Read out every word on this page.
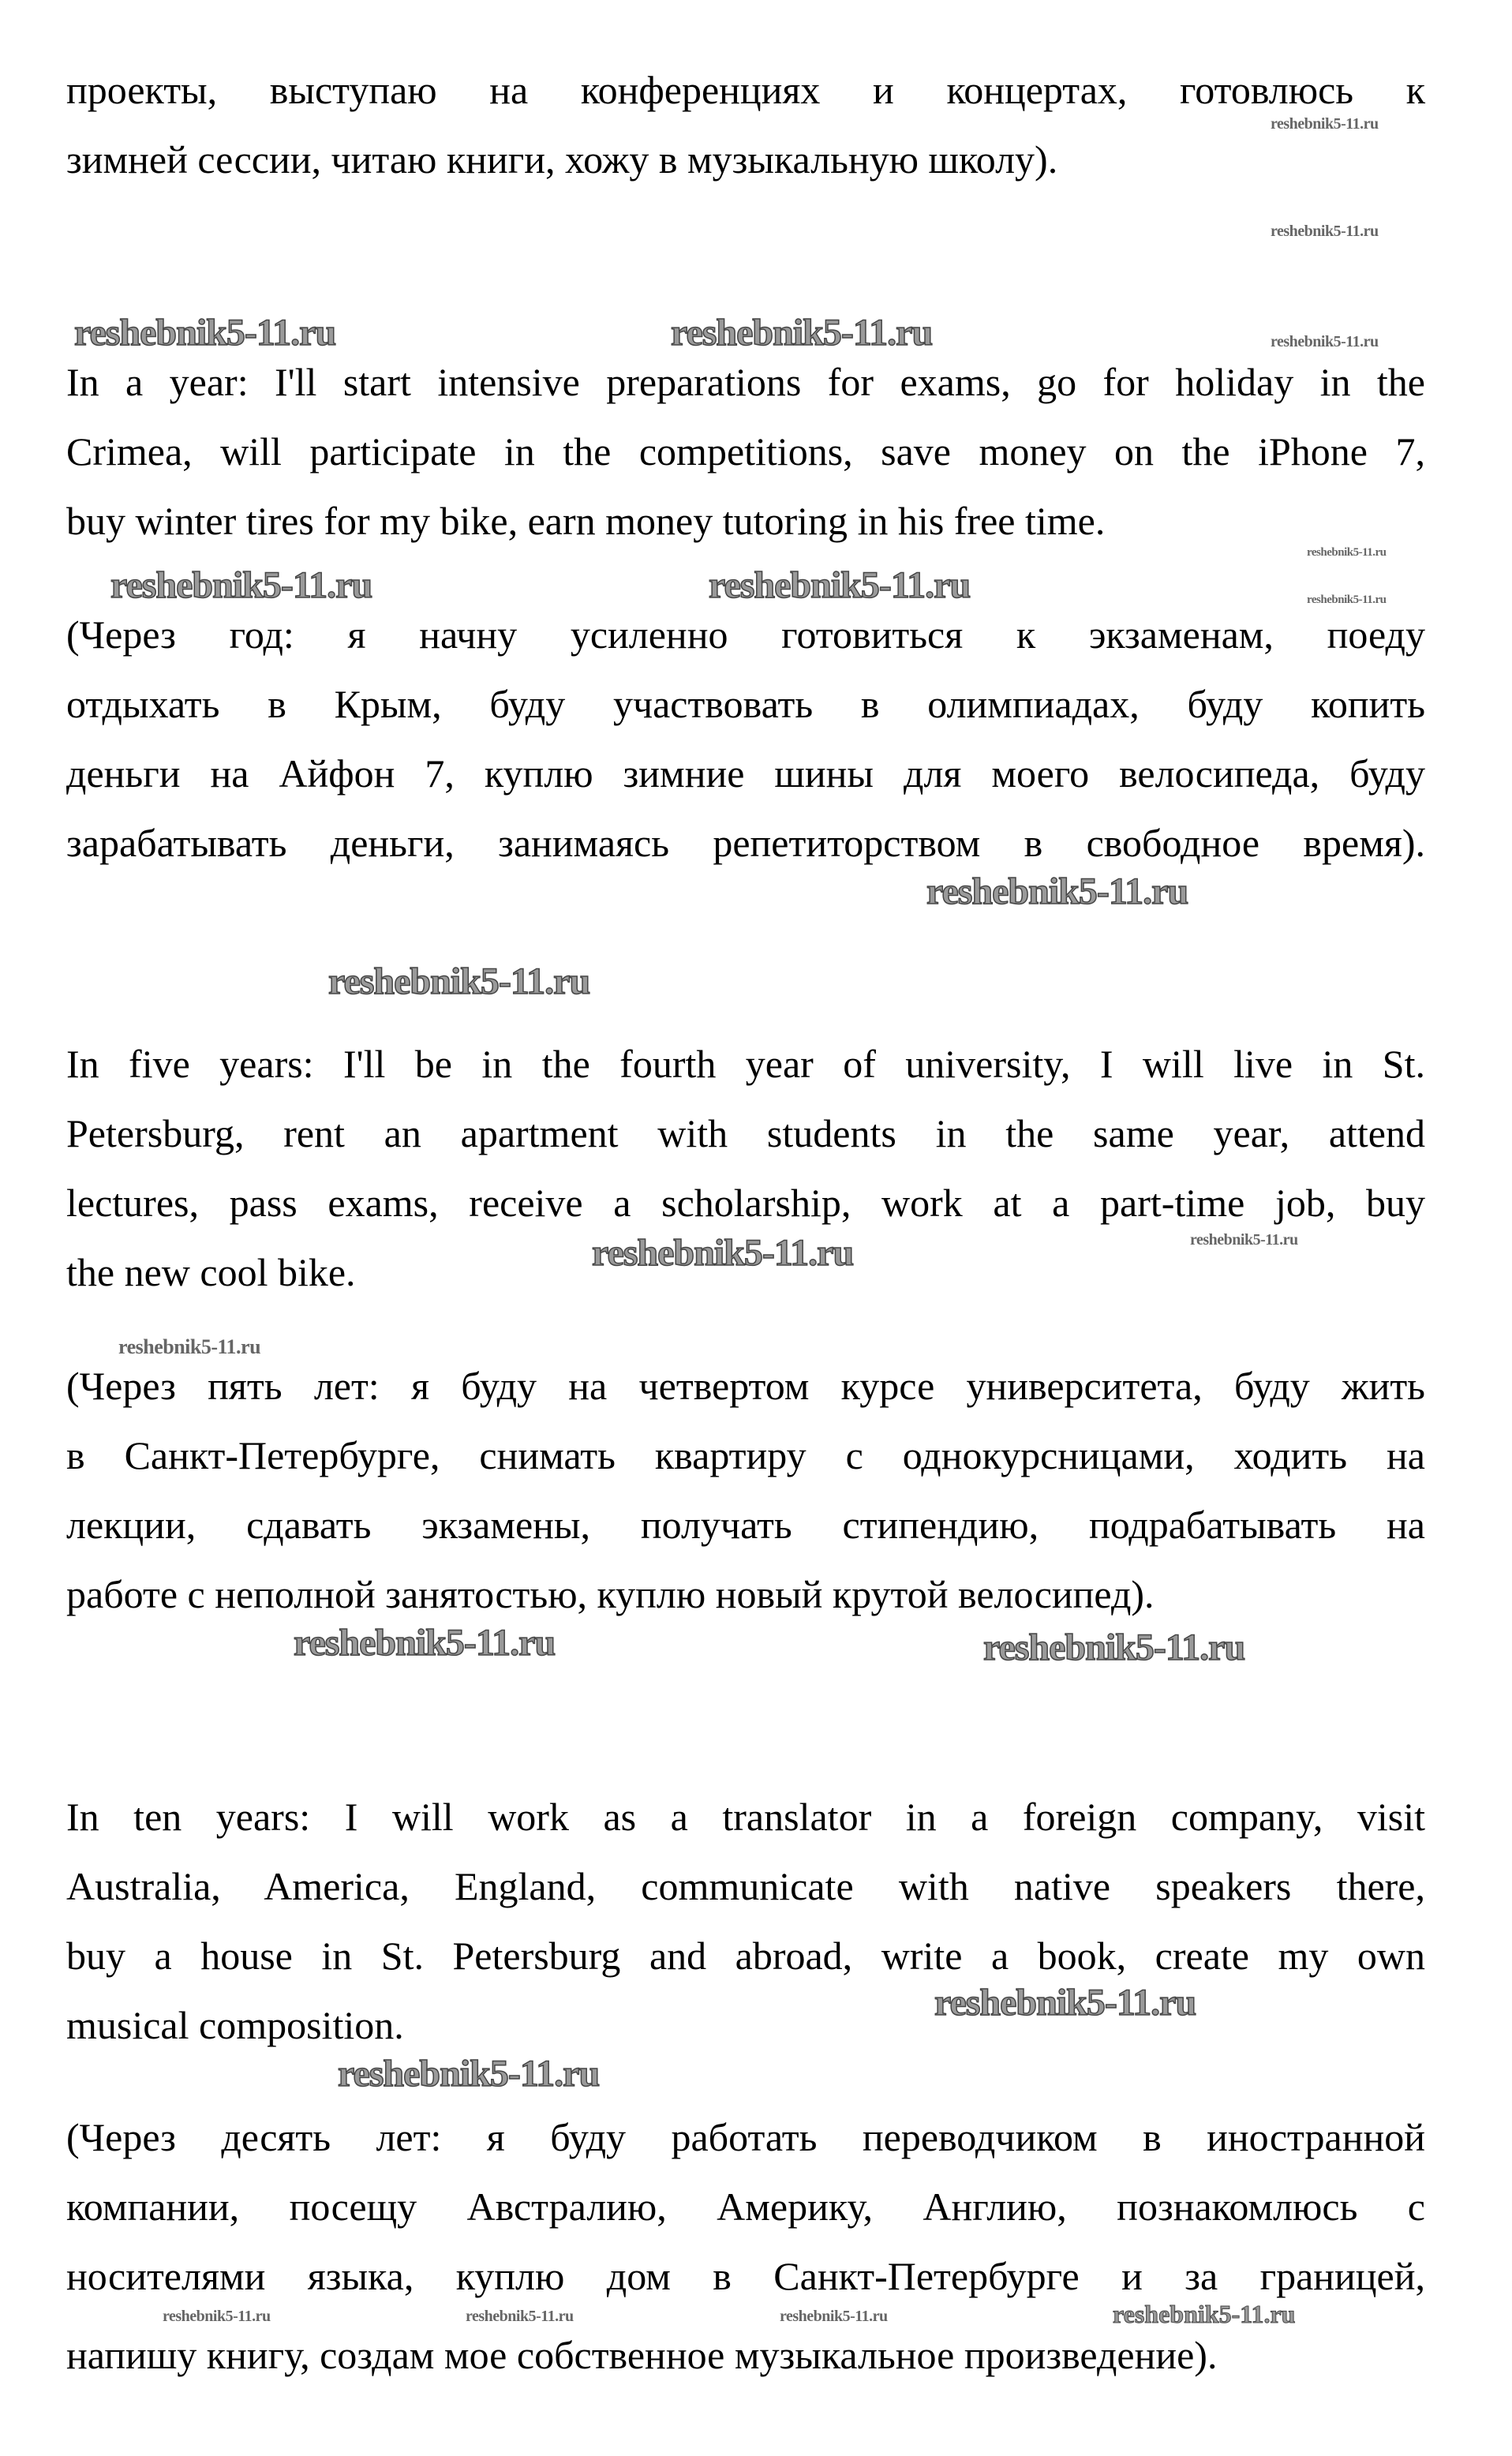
проекты, выступаю на конференциях и концертах, готовлюсь к
зимней сессии, читаю книги, хожу в музыкальную школу).
In a year: I'll start intensive preparations for exams, go for holiday in the
Crimea, will participate in the competitions, save money on the iPhone 7,
buy winter tires for my bike, earn money tutoring in his free time.
(Через год: я начну усиленно готовиться к экзаменам, поеду
отдыхать в Крым, буду участвовать в олимпиадах, буду копить
деньги на Айфон 7, куплю зимние шины для моего велосипеда, буду
зарабатывать деньги, занимаясь репетиторством в свободное время).
In five years: I'll be in the fourth year of university, I will live in St.
Petersburg, rent an apartment with students in the same year, attend
lectures, pass exams, receive a scholarship, work at a part-time job, buy
the new cool bike.
(Через пять лет: я буду на четвертом курсе университета, буду жить
в Санкт-Петербурге, снимать квартиру с однокурсницами, ходить на
лекции, сдавать экзамены, получать стипендию, подрабатывать на
работе с неполной занятостью, куплю новый крутой велосипед).
In ten years: I will work as a translator in a foreign company, visit
Australia, America, England, communicate with native speakers there,
buy a house in St. Petersburg and abroad, write a book, create my own
musical composition.
(Через десять лет: я буду работать переводчиком в иностранной
компании, посещу Австралию, Америку, Англию, познакомлюсь с
носителями языка, куплю дом в Санкт-Петербурге и за границей,
напишу книгу, создам мое собственное музыкальное произведение).
reshebnik5-11.ru
reshebnik5-11.ru
reshebnik5-11.ru	reshebnik5-11.ru	reshebnik5-11.ru
reshebnik5-11.ru
reshebnik5-11.ru	reshebnik5-11.ru	reshebnik5-11.ru
reshebnik5-11.ru
reshebnik5-11.ru
reshebnik5-11.ru
reshebnik5-11.ru
reshebnik5-11.ru
reshebnik5-11.ru	reshebnik5-11.ru
reshebnik5-11.ru
reshebnik5-11.ru
reshebnik5-11.ru
reshebnik5-11.ru	reshebnik5-11.ru	reshebnik5-11.ru
